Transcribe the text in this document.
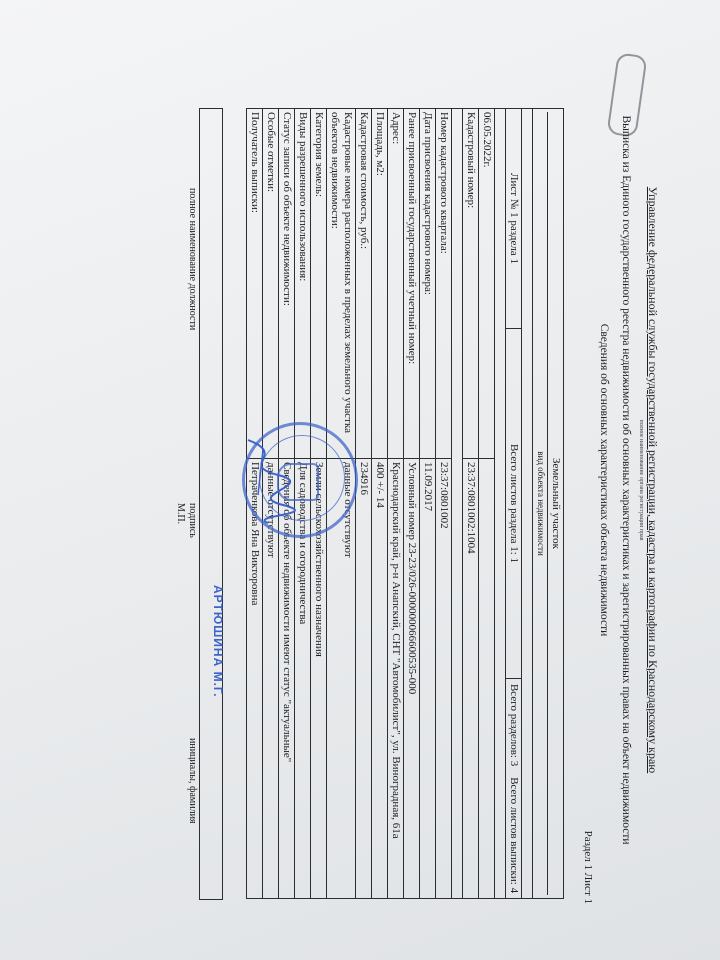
Управление федеральной службы государственной регистрации, кадастра и картографии по Краснодарскому краю
полное наименование органа регистрации прав
Выписка из Единого государственного реестра недвижимости об основных характеристиках и зарегистрированных правах на объект недвижимости
Сведения об основных характеристиках объекта недвижимости
Раздел 1 Лист 1
Земельный участок
вид объекта недвижимости			

Лист № 1 раздела 1	Всего листов раздела 1: 1		Всего разделов: 3    Всего листов выписки: 4

06.05.2022г.			
Кадастровый номер:		23:37:0801002:1004	

Номер кадастрового квартала:		23:37:0801002	
Дата присвоения кадастрового номера:		11.09.2017	
Ранее присвоенный государственный учетный номер:		Условный номер 23-23/026-000000066600535-000	
Адрес:		Краснодарский край, р-н Анапский, СНТ "Автомобилист", ул. Виноградная, 61а	
Площадь, м2:		400 +/- 14	
Кадастровая стоимость, руб.:		234916	
Кадастровые номера расположенных в пределах земельного участка объектов недвижимости:		данные отсутствуют	
Категория земель:		Земли сельскохозяйственного назначения	
Виды разрешенного использования:		Для садоводства и огородничества	
Статус записи об объекте недвижимости:		Сведения об объекте недвижимости имеют статус "актуальные"	
Особые отметки:		данные отсутствуют	
Получатель выписки:		Петраченкова Яна Викторовна	
АРТЮШИНА М.Г.
полное наименование должности
подпись
М.П.
инициалы, фамилия
